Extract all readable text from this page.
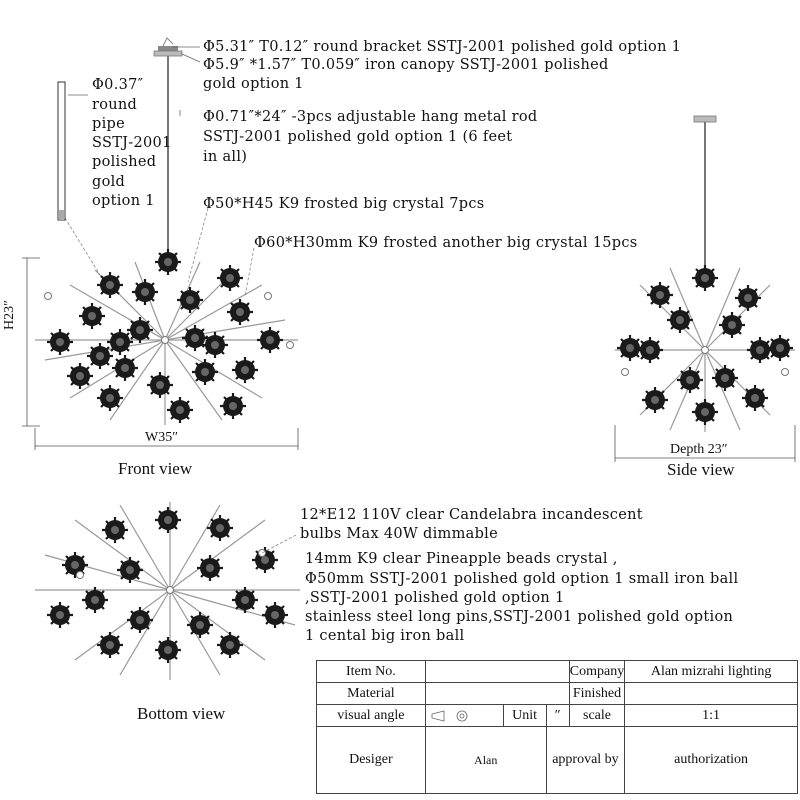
Φ5.31″ T0.12″ round bracket SSTJ-2001 polished gold option 1
Φ5.9″ *1.57″ T0.059″ iron canopy SSTJ-2001 polished
gold option 1
Φ0.37″
round
pipe
SSTJ-2001
polished
gold
option 1
Φ0.71″*24″ -3pcs adjustable hang metal rod
SSTJ-2001 polished gold option 1 (6 feet
in all)
Φ50*H45 K9 frosted big crystal 7pcs
Φ60*H30mm K9 frosted another big crystal 15pcs
12*E12 110V clear Candelabra incandescent
bulbs Max 40W dimmable
14mm K9 clear Pineapple beads crystal ,
Φ50mm SSTJ-2001 polished gold option 1 small iron ball
,SSTJ-2001 polished gold option 1
stainless steel long pins,SSTJ-2001 polished gold option
1 cental big iron ball
H23″
W35″
Depth 23″
Front view	Side view
Bottom view
Item No.				Company	Alan mizrahi lighting
Material				Finished	
visual angle		Unit	″	scale	1:1
Desiger	Alan		approval by		authorization
